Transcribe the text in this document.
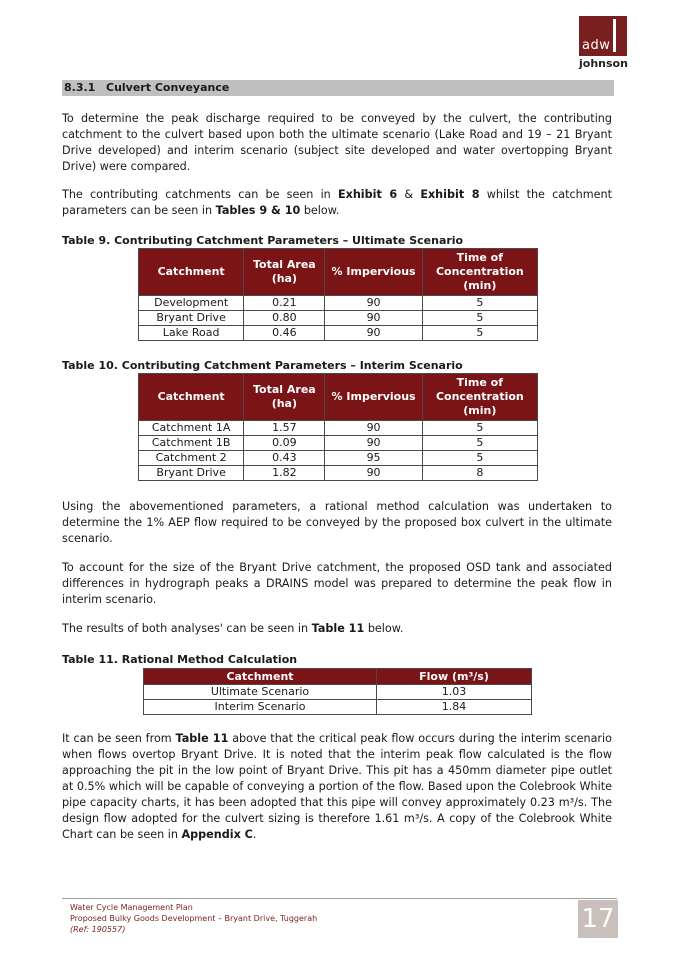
adw
johnson
8.3.1 Culvert Conveyance

To determine the peak discharge required to be conveyed by the culvert, the contributing catchment to the culvert based upon both the ultimate scenario (Lake Road and 19 – 21 Bryant Drive developed) and interim scenario (subject site developed and water overtopping Bryant Drive) were compared.

The contributing catchments can be seen in Exhibit 6 & Exhibit 8 whilst the catchment parameters can be seen in Tables 9 & 10 below.

Table 9. Contributing Catchment Parameters – Ultimate Scenario
Catchment	Total Area (ha)	% Impervious	Time of Concentration (min)
Development	0.21	90	5
Bryant Drive	0.80	90	5
Lake Road	0.46	90	5
Table 10. Contributing Catchment Parameters – Interim Scenario
Catchment	Total Area (ha)	% Impervious	Time of Concentration (min)
Catchment 1A	1.57	90	5
Catchment 1B	0.09	90	5
Catchment 2	0.43	95	5
Bryant Drive	1.82	90	8

Using the abovementioned parameters, a rational method calculation was undertaken to determine the 1% AEP flow required to be conveyed by the proposed box culvert in the ultimate scenario.

To account for the size of the Bryant Drive catchment, the proposed OSD tank and associated differences in hydrograph peaks a DRAINS model was prepared to determine the peak flow in interim scenario.

The results of both analyses' can be seen in Table 11 below.

Table 11. Rational Method Calculation
Catchment	Flow (m³/s)
Ultimate Scenario	1.03
Interim Scenario	1.84

It can be seen from Table 11 above that the critical peak flow occurs during the interim scenario when flows overtop Bryant Drive. It is noted that the interim peak flow calculated is the flow approaching the pit in the low point of Bryant Drive. This pit has a 450mm diameter pipe outlet at 0.5% which will be capable of conveying a portion of the flow. Based upon the Colebrook White pipe capacity charts, it has been adopted that this pipe will convey approximately 0.23 m³/s. The design flow adopted for the culvert sizing is therefore 1.61 m³/s. A copy of the Colebrook White Chart can be seen in Appendix C.

Water Cycle Management Plan
Proposed Bulky Goods Development – Bryant Drive, Tuggerah
(Ref: 190557)	17
